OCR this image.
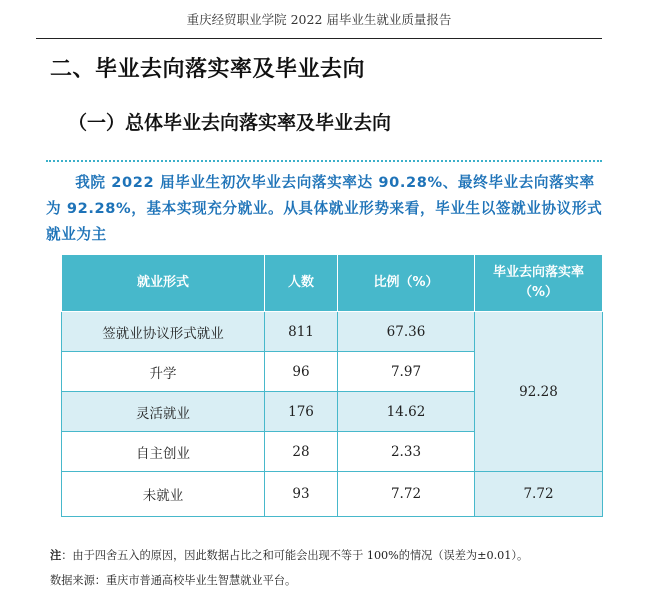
重庆经贸职业学院 2022 届毕业生就业质量报告
二、毕业去向落实率及毕业去向
（一）总体毕业去向落实率及毕业去向
我院 2022 届毕业生初次毕业去向落实率达 90.28%、最终毕业去向落实率为 92.28%，基本实现充分就业。从具体就业形势来看，毕业生以签就业协议形式就业为主
就业形式	人数	比例（%）	毕业去向落实率
（%）

签就业协议形式就业	811	67.36	92.28
升学	96	7.97	
灵活就业	176	14.62	
自主创业	28	2.33	
未就业	93	7.72	7.72
注：由于四舍五入的原因，因此数据占比之和可能会出现不等于 100%的情况（误差为±0.01）。
数据来源：重庆市普通高校毕业生智慧就业平台。
